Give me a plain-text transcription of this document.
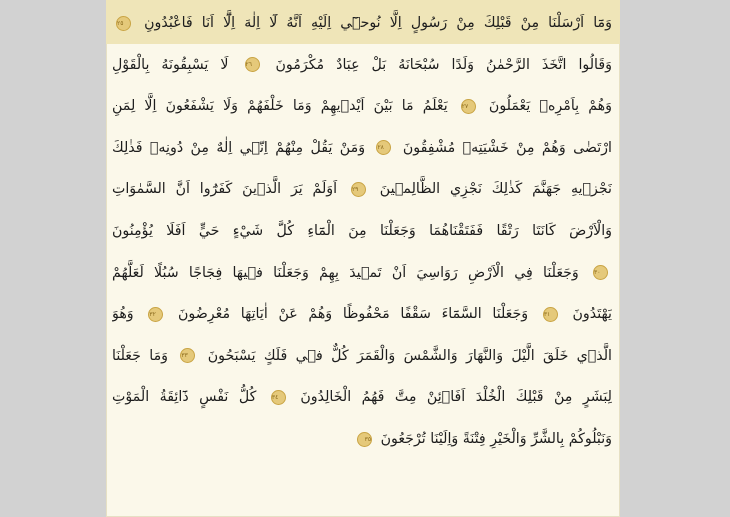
وَمَٓا اَرْسَلْنَا مِنْ قَبْلِكَ مِنْ رَسُولٍ اِلَّا نُوحٖٓي اِلَيْهِ اَنَّهُ لَٓا اِلٰهَ اِلَّٓا اَنَا فَاعْبُدُونِ ٢٥
وَقَالُوا اتَّخَذَ الرَّحْمٰنُ وَلَدًا سُبْحَانَهُ بَلْ عِبَادٌ مُكْرَمُونَ ٢٦ لَا يَسْبِقُونَهُ بِالْقَوْلِ
وَهُمْ بِاَمْرِهٖ يَعْمَلُونَ ٢٧ يَعْلَمُ مَا بَيْنَ اَيْدٖيهِمْ وَمَا خَلْفَهُمْ وَلَا يَشْفَعُونَ اِلَّا لِمَنِ
ارْتَضٰى وَهُمْ مِنْ خَشْيَتِهٖ مُشْفِقُونَ ٢٨ وَمَنْ يَقُلْ مِنْهُمْ اِنّٖي اِلٰهٌ مِنْ دُونِهٖ فَذٰلِكَ
نَجْزٖيهِ جَهَنَّمَ كَذٰلِكَ نَجْزِي الظَّالِمٖينَ ٢٩ اَوَلَمْ يَرَ الَّذٖينَ كَفَرُٓوا اَنَّ السَّمٰوَاتِ
وَالْاَرْضَ كَانَتَا رَتْقًا فَفَتَقْنَاهُمَا وَجَعَلْنَا مِنَ الْمَٓاءِ كُلَّ شَيْءٍ حَيٍّ اَفَلَا يُؤْمِنُونَ
٣٠ وَجَعَلْنَا فِي الْاَرْضِ رَوَاسِيَ اَنْ تَمٖيدَ بِهِمْ وَجَعَلْنَا فٖيهَا فِجَاجًا سُبُلًا لَعَلَّهُمْ
يَهْتَدُونَ ٣١ وَجَعَلْنَا السَّمَٓاءَ سَقْفًا مَحْفُوظًا وَهُمْ عَنْ اٰيَاتِهَا مُعْرِضُونَ ٣٢ وَهُوَ
الَّذٖي خَلَقَ الَّيْلَ وَالنَّهَارَ وَالشَّمْسَ وَالْقَمَرَ كُلٌّ فٖي فَلَكٍ يَسْبَحُونَ ٣٣ وَمَا جَعَلْنَا
لِبَشَرٍ مِنْ قَبْلِكَ الْخُلْدَ اَفَا۪ئِنْ مِتَّ فَهُمُ الْخَالِدُونَ ٣٤ كُلُّ نَفْسٍ ذَٓائِقَةُ الْمَوْتِ
وَنَبْلُوكُمْ بِالشَّرِّ وَالْخَيْرِ فِتْنَةً وَاِلَيْنَا تُرْجَعُونَ ٣٥
